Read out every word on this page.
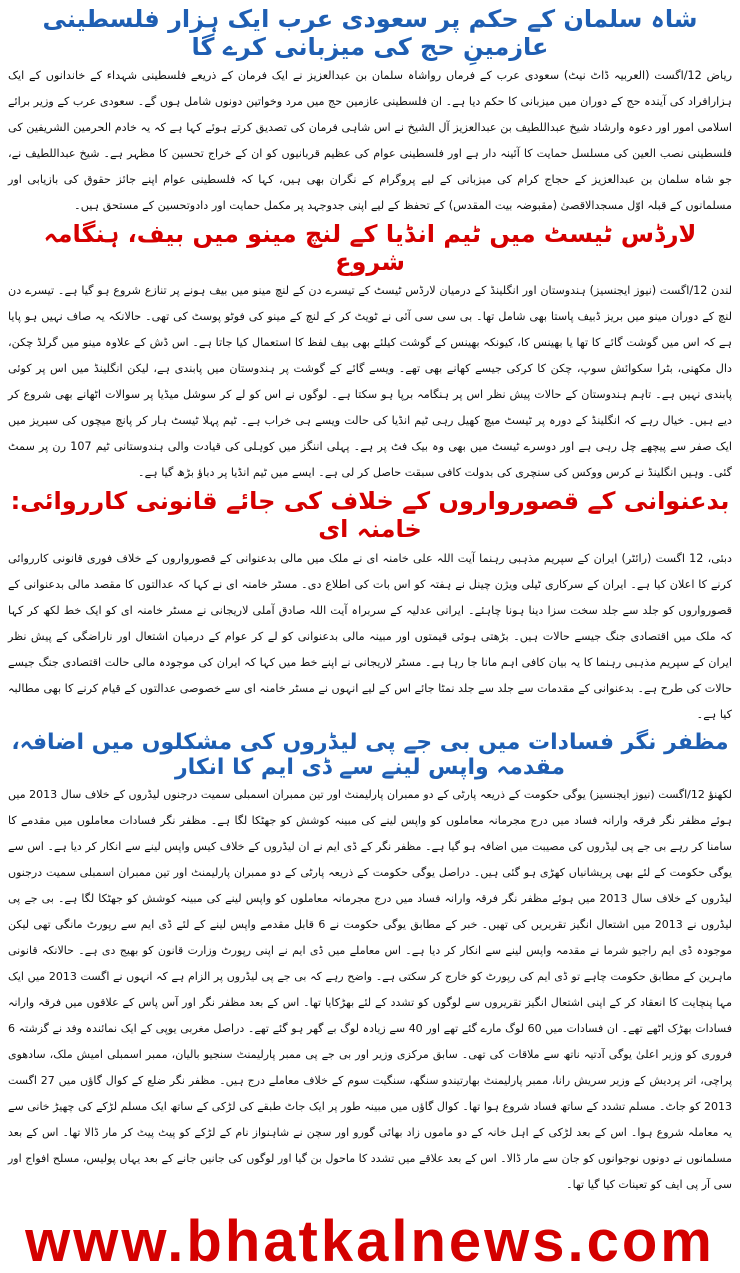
شاہ سلمان کے حکم پر سعودی عرب ایک ہزار فلسطینی عازمینِ حج کی میزبانی کرے گا

ریاض 12/اگست (العربیہ ڈاٹ نیٹ) سعودی عرب کے فرماں رواشاہ سلمان بن عبدالعزیز نے ایک فرمان کے ذریعے فلسطینی شہداء کے خاندانوں کے ایک ہزارافراد کی آیندہ حج کے دوران میں میزبانی کا حکم دیا ہے۔ ان فلسطینی عازمین حج میں مرد وخواتین دونوں شامل ہوں گے۔ سعودی عرب کے وزیر برائے اسلامی امور اور دعوہ وارشاد شیخ عبداللطیف بن عبدالعزیز آل الشیخ نے اس شاہی فرمان کی تصدیق کرتے ہوئے کہا ہے کہ یہ خادم الحرمین الشریفین کی فلسطینی نصب العین کی مسلسل حمایت کا آئینہ دار ہے اور فلسطینی عوام کی عظیم قربانیوں کو ان کے خراج تحسین کا مظہر ہے۔ شیخ عبداللطیف نے، جو شاہ سلمان بن عبدالعزیز کے حجاج کرام کی میزبانی کے لیے پروگرام کے نگران بھی ہیں، کہا کہ فلسطینی عوام اپنے جائز حقوق کی بازیابی اور مسلمانوں کے قبلہ اوّل مسجدالاقصیٰ (مقبوضہ بیت المقدس) کے تحفظ کے لیے اپنی جدوجہد پر مکمل حمایت اور دادوتحسین کے مستحق ہیں۔

لارڈس ٹیسٹ میں ٹیم انڈیا کے لنچ مینو میں بیف، ہنگامہ شروع

لندن 12/اگست (نیوز ایجنسیز) ہندوستان اور انگلینڈ کے درمیان لارڈس ٹیسٹ کے تیسرے دن کے لنچ مینو میں بیف ہونے پر تنازع شروع ہو گیا ہے۔ تیسرے دن لنچ کے دوران مینو میں بریز ڈبیف پاستا بھی شامل تھا۔ بی سی سی آئی نے ٹویٹ کر کے لنچ کے مینو کی فوٹو پوسٹ کی تھی۔ حالانکہ یہ صاف نہیں ہو پایا ہے کہ اس میں گوشت گائے کا تھا یا بھینس کا، کیونکہ بھینس کے گوشت کیلئے بھی بیف لفظ کا استعمال کیا جاتا ہے۔ اس ڈش کے علاوہ مینو میں گرلڈ چکن، دال مکھنی، بٹرا سکوائش سوپ، چکن کا کرکی جیسے کھانے بھی تھے۔ ویسے گائے کے گوشت پر ہندوستان میں پابندی ہے، لیکن انگلینڈ میں اس پر کوئی پابندی نہیں ہے۔ تاہم ہندوستان کے حالات پیش نظر اس پر ہنگامہ برپا ہو سکتا ہے۔ لوگوں نے اس کو لے کر سوشل میڈیا پر سوالات اٹھانے بھی شروع کر دیے ہیں۔ خیال رہے کہ انگلینڈ کے دورہ پر ٹیسٹ میچ کھیل رہی ٹیم انڈیا کی حالت ویسے ہی خراب ہے۔ ٹیم پہلا ٹیسٹ ہار کر پانچ میچوں کی سیریز میں ایک صفر سے پیچھے چل رہی ہے اور دوسرے ٹیسٹ میں بھی وہ بیک فٹ پر ہے۔ پہلی اننگز میں کوہلی کی قیادت والی ہندوستانی ٹیم 107 رن پر سمٹ گئی۔ وہیں انگلینڈ نے کرس ووکس کی سنچری کی بدولت کافی سبقت حاصل کر لی ہے۔ ایسے میں ٹیم انڈیا پر دباؤ بڑھ گیا ہے۔

بدعنوانی کے قصورواروں کے خلاف کی جائے قانونی کارروائی: خامنہ ای

دبئی، 12 اگست (رائٹر) ایران کے سپریم مذہبی رہنما آیت اللہ علی خامنہ ای نے ملک میں مالی بدعنوانی کے قصورواروں کے خلاف فوری قانونی کارروائی کرنے کا اعلان کیا ہے۔ ایران کے سرکاری ٹیلی ویژن چینل نے ہفتہ کو اس بات کی اطلاع دی۔ مسٹر خامنہ ای نے کہا کہ عدالتوں کا مقصد مالی بدعنوانی کے قصورواروں کو جلد سے جلد سخت سزا دینا ہونا چاہئے۔ ایرانی عدلیہ کے سربراہ آیت اللہ صادق آملی لاریجانی نے مسٹر خامنہ ای کو ایک خط لکھ کر کہا کہ ملک میں اقتصادی جنگ جیسے حالات ہیں۔ بڑھتی ہوئی قیمتوں اور مبینہ مالی بدعنوانی کو لے کر عوام کے درمیان اشتعال اور ناراضگی کے پیش نظر ایران کے سپریم مذہبی رہنما کا یہ بیان کافی اہم مانا جا رہا ہے۔ مسٹر لاریجانی نے اپنے خط میں کہا کہ ایران کی موجودہ مالی حالت اقتصادی جنگ جیسے حالات کی طرح ہے۔ بدعنوانی کے مقدمات سے جلد سے جلد نمٹا جائے اس کے لیے انہوں نے مسٹر خامنہ ای سے خصوصی عدالتوں کے قیام کرنے کا بھی مطالبہ کیا ہے۔

مظفر نگر فسادات میں بی جے پی لیڈروں کی مشکلوں میں اضافہ، مقدمہ واپس لینے سے ڈی ایم کا انکار

لکھنؤ 12/اگست (نیوز ایجنسیز) یوگی حکومت کے ذریعہ پارٹی کے دو ممبران پارلیمنٹ اور تین ممبران اسمبلی سمیت درجنوں لیڈروں کے خلاف سال 2013 میں ہوئے مظفر نگر فرقہ وارانہ فساد میں درج مجرمانہ معاملوں کو واپس لینے کی مبینہ کوشش کو جھٹکا لگا ہے۔ مظفر نگر فسادات معاملوں میں مقدمے کا سامنا کر رہے بی جے پی لیڈروں کی مصیبت میں اضافہ ہو گیا ہے۔ مظفر نگر کے ڈی ایم نے ان لیڈروں کے خلاف کیس واپس لینے سے انکار کر دیا ہے۔ اس سے یوگی حکومت کے لئے بھی پریشانیاں کھڑی ہو گئی ہیں۔ دراصل یوگی حکومت کے ذریعہ پارٹی کے دو ممبران پارلیمنٹ اور تین ممبران اسمبلی سمیت درجنوں لیڈروں کے خلاف سال 2013 میں ہوئے مظفر نگر فرقہ وارانہ فساد میں درج مجرمانہ معاملوں کو واپس لینے کی مبینہ کوشش کو جھٹکا لگا ہے۔ بی جے پی لیڈروں نے 2013 میں اشتعال انگیز تقریریں کی تھیں۔ خبر کے مطابق یوگی حکومت نے 6 قابل مقدمے واپس لینے کے لئے ڈی ایم سے رپورٹ مانگی تھی لیکن موجودہ ڈی ایم راجیو شرما نے مقدمہ واپس لینے سے انکار کر دیا ہے۔ اس معاملے میں ڈی ایم نے اپنی رپورٹ وزارت قانون کو بھیج دی ہے۔ حالانکہ قانونی ماہرین کے مطابق حکومت چاہے تو ڈی ایم کی رپورٹ کو خارج کر سکتی ہے۔ واضح رہے کہ بی جے پی لیڈروں پر الزام ہے کہ انہوں نے اگست 2013 میں ایک مہا پنچایت کا انعقاد کر کے اپنی اشتعال انگیز تقریروں سے لوگوں کو تشدد کے لئے بھڑکایا تھا۔ اس کے بعد مظفر نگر اور آس پاس کے علاقوں میں فرقہ وارانہ فسادات بھڑک اٹھے تھے۔ ان فسادات میں 60 لوگ مارے گئے تھے اور 40 سے زیادہ لوگ بے گھر ہو گئے تھے۔ دراصل مغربی یوپی کے ایک نمائندہ وفد نے گزشتہ 6 فروری کو وزیر اعلیٰ یوگی آدتیہ ناتھ سے ملاقات کی تھی۔ سابق مرکزی وزیر اور بی جے پی ممبر پارلیمنٹ سنجیو بالیان، ممبر اسمبلی امیش ملک، سادھوی پراچی، اتر پردیش کے وزیر سریش رانا، ممبر پارلیمنٹ بھارتیندو سنگھ، سنگیت سوم کے خلاف معاملے درج ہیں۔ مظفر نگر ضلع کے کوال گاؤں میں 27 اگست 2013 کو جاٹ۔ مسلم تشدد کے ساتھ فساد شروع ہوا تھا۔ کوال گاؤں میں مبینہ طور پر ایک جاٹ طبقے کی لڑکی کے ساتھ ایک مسلم لڑکے کی چھیڑ خانی سے یہ معاملہ شروع ہوا۔ اس کے بعد لڑکی کے اہل خانہ کے دو ماموں زاد بھائی گورو اور سچن نے شاہنواز نام کے لڑکے کو پیٹ پیٹ کر مار ڈالا تھا۔ اس کے بعد مسلمانوں نے دونوں نوجوانوں کو جان سے مار ڈالا۔ اس کے بعد علاقے میں تشدد کا ماحول بن گیا اور لوگوں کی جانیں جانے کے بعد یہاں پولیس، مسلح افواج اور سی آر پی ایف کو تعینات کیا گیا تھا۔

www.bhatkalnews.com
